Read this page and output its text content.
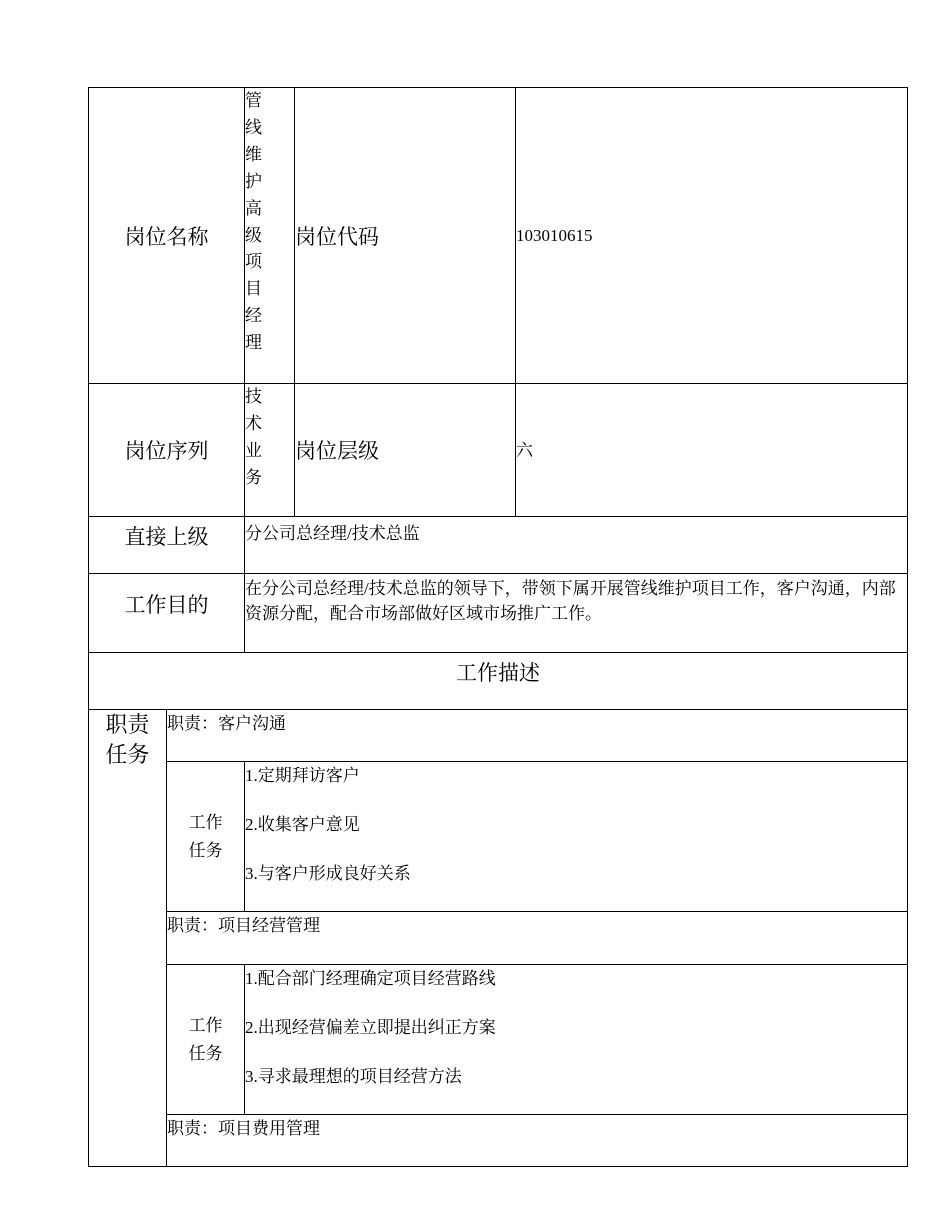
岗位名称		管线维护高级项目经理	岗位代码	103010615
岗位序列		技术业务	岗位层级	六
直接上级		分公司总经理/技术总监		
工作目的		在分公司总经理/技术总监的领导下，带领下属开展管线维护项目工作，客户沟通，内部资源分配，配合市场部做好区域市场推广工作。		
工作描述				

职责任务	职责：客户沟通			

	工作任务	1.定期拜访客户
2.收集客户意见
3.与客户形成良好关系		

	职责：项目经营管理			

	工作任务	1.配合部门经理确定项目经营路线
2.出现经营偏差立即提出纠正方案
3.寻求最理想的项目经营方法		

	职责：项目费用管理			
